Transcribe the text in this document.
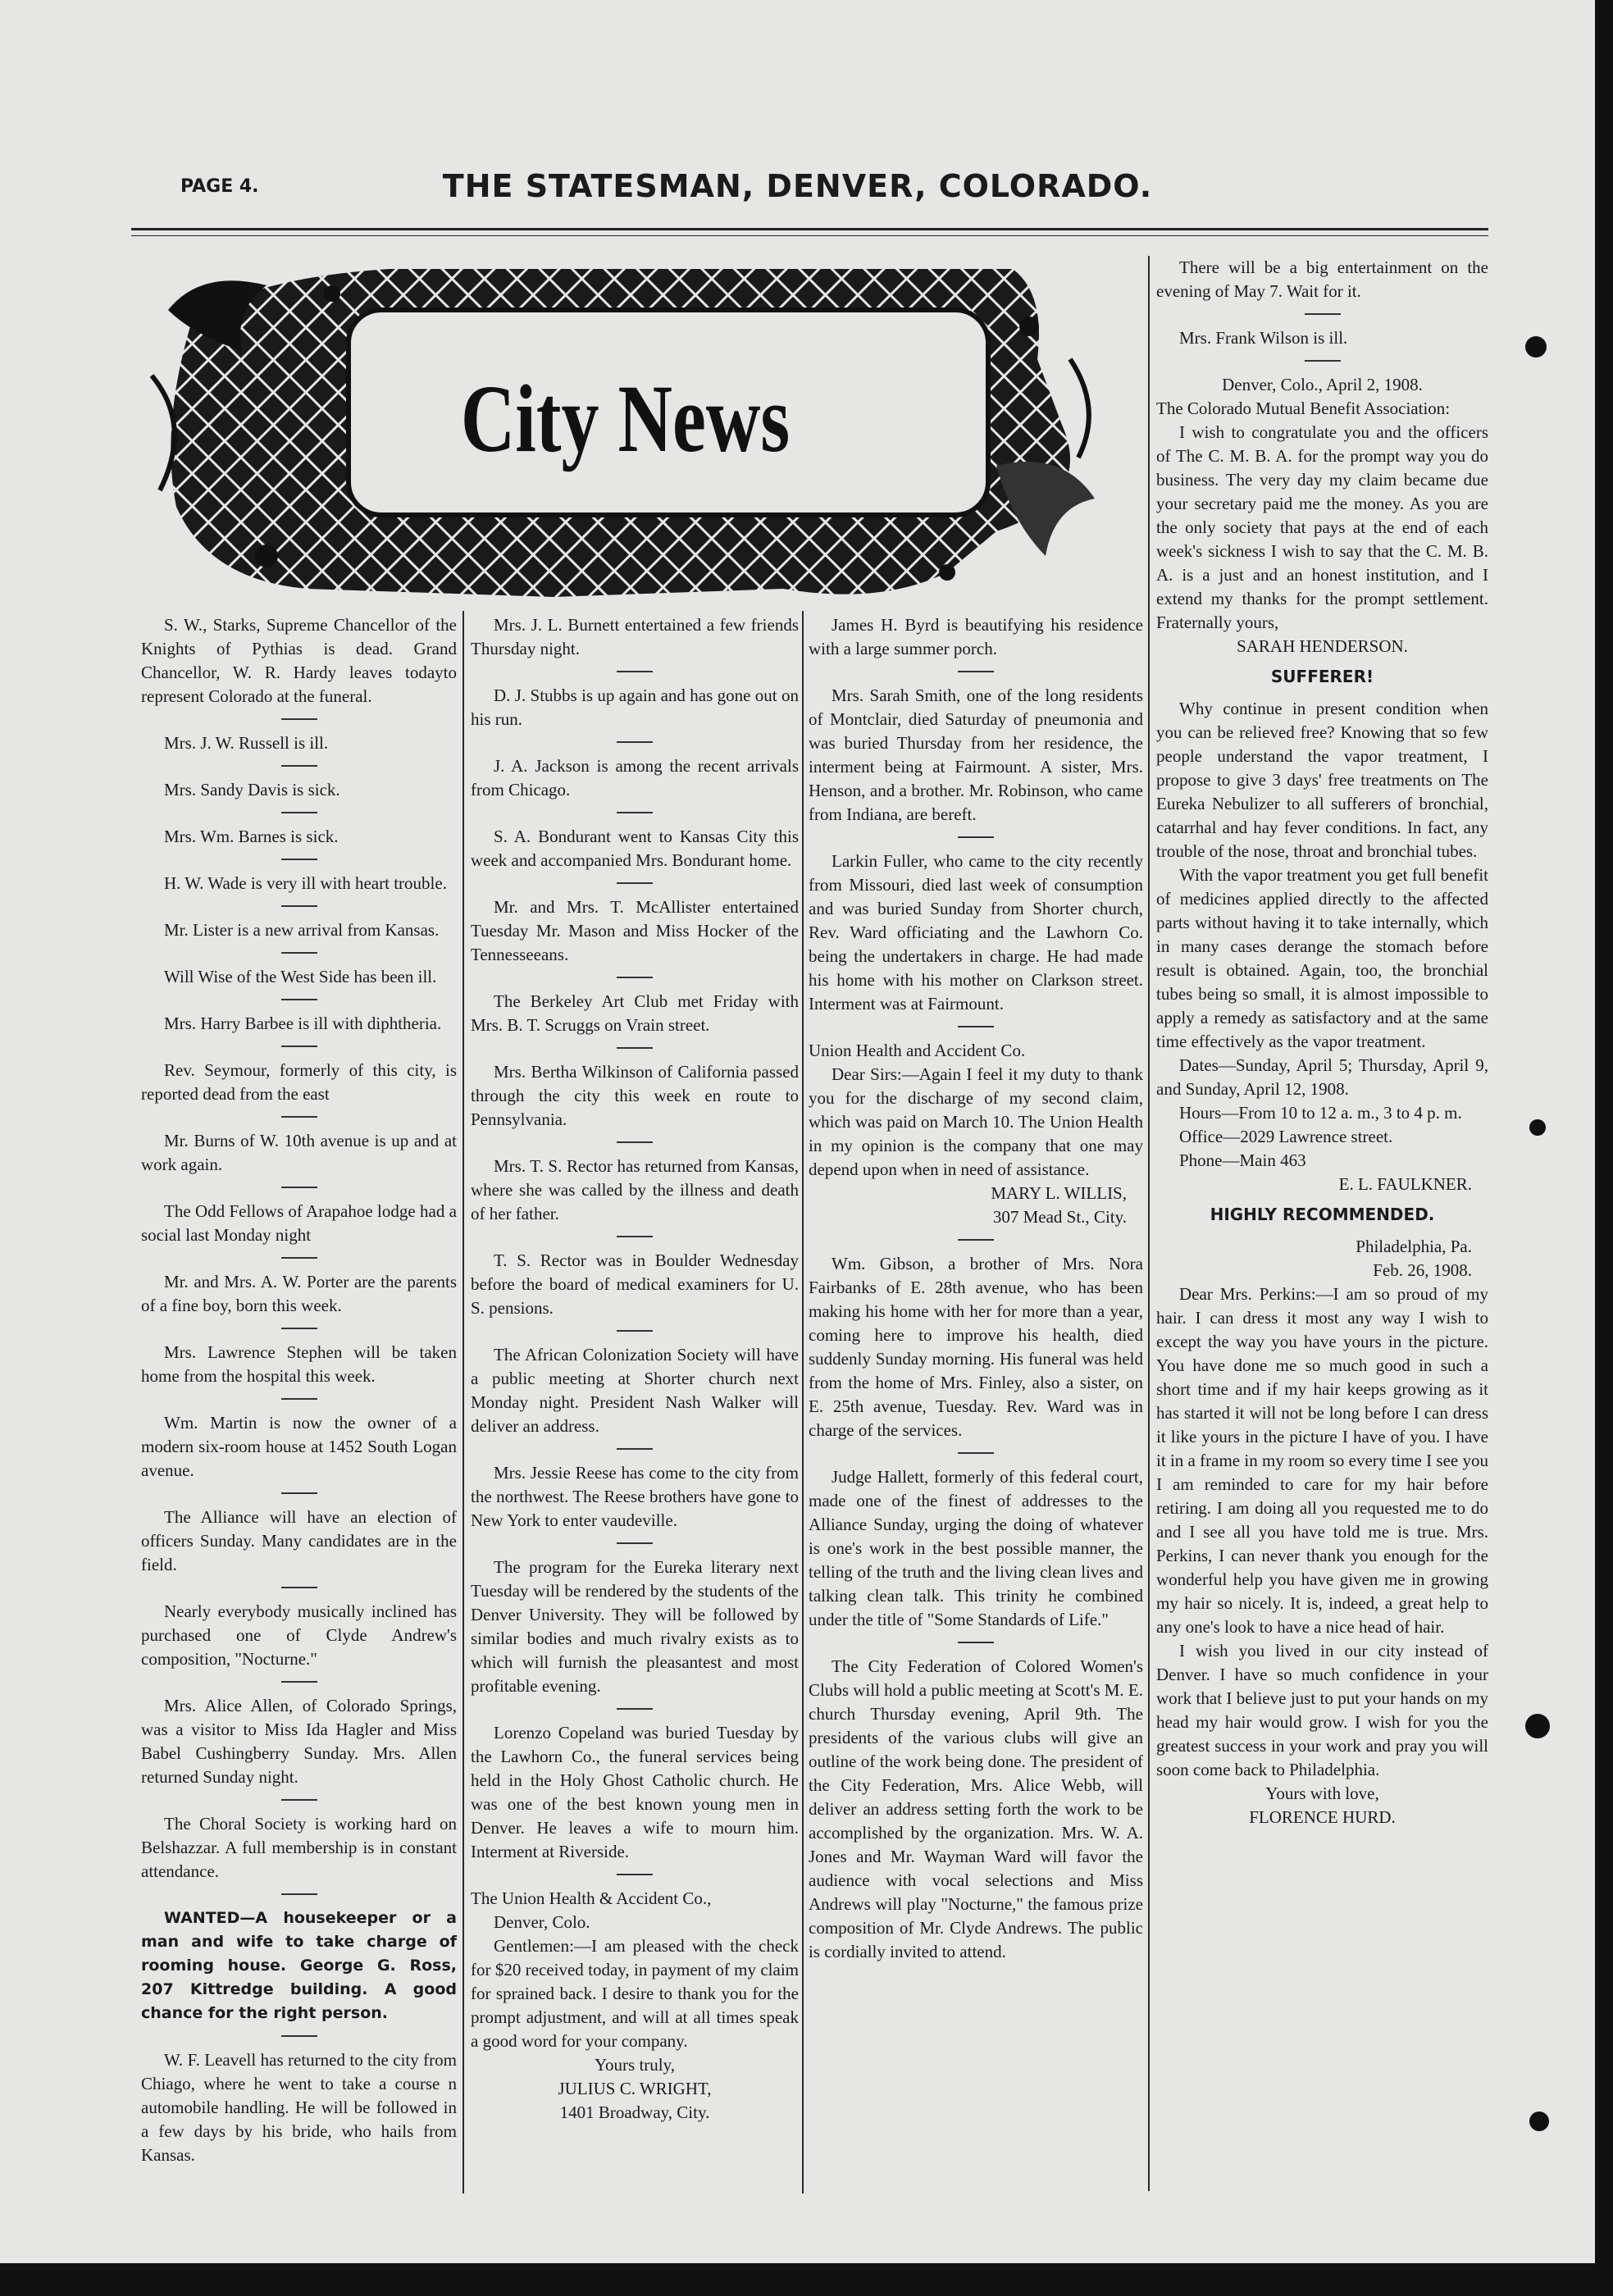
PAGE 4.	THE STATESMAN, DENVER, COLORADO.
City News

S. W., Starks, Supreme Chancellor of the Knights of Pythias is dead. Grand Chancellor, W. R. Hardy leaves todayto represent Colorado at the funeral.

Mrs. J. W. Russell is ill.

Mrs. Sandy Davis is sick.

Mrs. Wm. Barnes is sick.

H. W. Wade is very ill with heart trouble.

Mr. Lister is a new arrival from Kansas.

Will Wise of the West Side has been ill.

Mrs. Harry Barbee is ill with diphtheria.

Rev. Seymour, formerly of this city, is reported dead from the east

Mr. Burns of W. 10th avenue is up and at work again.

The Odd Fellows of Arapahoe lodge had a social last Monday night

Mr. and Mrs. A. W. Porter are the parents of a fine boy, born this week.

Mrs. Lawrence Stephen will be taken home from the hospital this week.

Wm. Martin is now the owner of a modern six-room house at 1452 South Logan avenue.

The Alliance will have an election of officers Sunday. Many candidates are in the field.

Nearly everybody musically inclined has purchased one of Clyde Andrew's composition, "Nocturne."

Mrs. Alice Allen, of Colorado Springs, was a visitor to Miss Ida Hagler and Miss Babel Cushingberry Sunday. Mrs. Allen returned Sunday night.

The Choral Society is working hard on Belshazzar. A full membership is in constant attendance.

WANTED—A housekeeper or a man and wife to take charge of rooming house. George G. Ross, 207 Kittredge building. A good chance for the right person.

W. F. Leavell has returned to the city from Chiago, where he went to take a course n automobile handling. He will be followed in a few days by his bride, who hails from Kansas.

Mrs. J. L. Burnett entertained a few friends Thursday night.

D. J. Stubbs is up again and has gone out on his run.

J. A. Jackson is among the recent arrivals from Chicago.

S. A. Bondurant went to Kansas City this week and accompanied Mrs. Bondurant home.

Mr. and Mrs. T. McAllister entertained Tuesday Mr. Mason and Miss Hocker of the Tennesseeans.

The Berkeley Art Club met Friday with Mrs. B. T. Scruggs on Vrain street.

Mrs. Bertha Wilkinson of California passed through the city this week en route to Pennsylvania.

Mrs. T. S. Rector has returned from Kansas, where she was called by the illness and death of her father.

T. S. Rector was in Boulder Wednesday before the board of medical examiners for U. S. pensions.

The African Colonization Society will have a public meeting at Shorter church next Monday night. President Nash Walker will deliver an address.

Mrs. Jessie Reese has come to the city from the northwest. The Reese brothers have gone to New York to enter vaudeville.

The program for the Eureka literary next Tuesday will be rendered by the students of the Denver University. They will be followed by similar bodies and much rivalry exists as to which will furnish the pleasantest and most profitable evening.

Lorenzo Copeland was buried Tuesday by the Lawhorn Co., the funeral services being held in the Holy Ghost Catholic church. He was one of the best known young men in Denver. He leaves a wife to mourn him. Interment at Riverside.

The Union Health & Accident Co.,

Denver, Colo.

Gentlemen:—I am pleased with the check for $20 received today, in payment of my claim for sprained back. I desire to thank you for the prompt adjustment, and will at all times speak a good word for your company.

Yours truly,

JULIUS C. WRIGHT,

1401 Broadway, City.

James H. Byrd is beautifying his residence with a large summer porch.

Mrs. Sarah Smith, one of the long residents of Montclair, died Saturday of pneumonia and was buried Thursday from her residence, the interment being at Fairmount. A sister, Mrs. Henson, and a brother. Mr. Robinson, who came from Indiana, are bereft.

Larkin Fuller, who came to the city recently from Missouri, died last week of consumption and was buried Sunday from Shorter church, Rev. Ward officiating and the Lawhorn Co. being the undertakers in charge. He had made his home with his mother on Clarkson street. Interment was at Fairmount.

Union Health and Accident Co.

Dear Sirs:—Again I feel it my duty to thank you for the discharge of my second claim, which was paid on March 10. The Union Health in my opinion is the company that one may depend upon when in need of assistance.

MARY L. WILLIS,

307 Mead St., City.

Wm. Gibson, a brother of Mrs. Nora Fairbanks of E. 28th avenue, who has been making his home with her for more than a year, coming here to improve his health, died suddenly Sunday morning. His funeral was held from the home of Mrs. Finley, also a sister, on E. 25th avenue, Tuesday. Rev. Ward was in charge of the services.

Judge Hallett, formerly of this federal court, made one of the finest of addresses to the Alliance Sunday, urging the doing of whatever is one's work in the best possible manner, the telling of the truth and the living clean lives and talking clean talk. This trinity he combined under the title of "Some Standards of Life."

The City Federation of Colored Women's Clubs will hold a public meeting at Scott's M. E. church Thursday evening, April 9th. The presidents of the various clubs will give an outline of the work being done. The president of the City Federation, Mrs. Alice Webb, will deliver an address setting forth the work to be accomplished by the organization. Mrs. W. A. Jones and Mr. Wayman Ward will favor the audience with vocal selections and Miss Andrews will play "Nocturne," the famous prize composition of Mr. Clyde Andrews. The public is cordially invited to attend.

There will be a big entertainment on the evening of May 7. Wait for it.

Mrs. Frank Wilson is ill.

Denver, Colo., April 2, 1908.

The Colorado Mutual Benefit Association:

I wish to congratulate you and the officers of The C. M. B. A. for the prompt way you do business. The very day my claim became due your secretary paid me the money. As you are the only society that pays at the end of each week's sickness I wish to say that the C. M. B. A. is a just and an honest institution, and I extend my thanks for the prompt settlement. Fraternally yours,

SARAH HENDERSON.

SUFFERER!

Why continue in present condition when you can be relieved free? Knowing that so few people understand the vapor treatment, I propose to give 3 days' free treatments on The Eureka Nebulizer to all sufferers of bronchial, catarrhal and hay fever conditions. In fact, any trouble of the nose, throat and bronchial tubes.

With the vapor treatment you get full benefit of medicines applied directly to the affected parts without having it to take internally, which in many cases derange the stomach before result is obtained. Again, too, the bronchial tubes being so small, it is almost impossible to apply a remedy as satisfactory and at the same time effectively as the vapor treatment.

Dates—Sunday, April 5; Thursday, April 9, and Sunday, April 12, 1908.

Hours—From 10 to 12 a. m., 3 to 4 p. m.

Office—2029 Lawrence street.

Phone—Main 463

E. L. FAULKNER.

HIGHLY RECOMMENDED.

Philadelphia, Pa.

Feb. 26, 1908.

Dear Mrs. Perkins:—I am so proud of my hair. I can dress it most any way I wish to except the way you have yours in the picture. You have done me so much good in such a short time and if my hair keeps growing as it has started it will not be long before I can dress it like yours in the picture I have of you. I have it in a frame in my room so every time I see you I am reminded to care for my hair before retiring. I am doing all you requested me to do and I see all you have told me is true. Mrs. Perkins, I can never thank you enough for the wonderful help you have given me in growing my hair so nicely. It is, indeed, a great help to any one's look to have a nice head of hair.

I wish you lived in our city instead of Denver. I have so much confidence in your work that I believe just to put your hands on my head my hair would grow. I wish for you the greatest success in your work and pray you will soon come back to Philadelphia.

Yours with love,

FLORENCE HURD.
